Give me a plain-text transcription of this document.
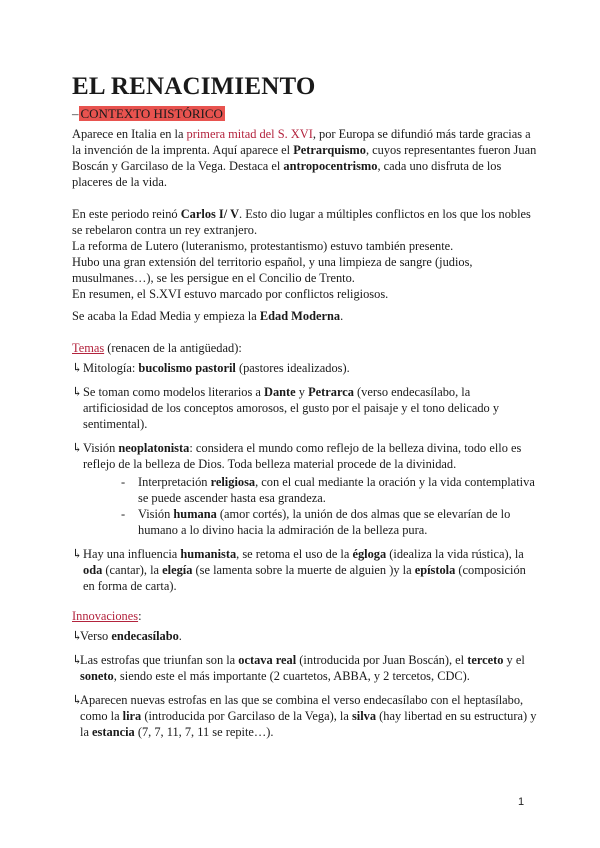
EL RENACIMIENTO
– CONTEXTO HISTÓRICO

Aparece en Italia en la primera mitad del S. XVI, por Europa se difundió más tarde gracias a la invención de la imprenta. Aquí aparece el Petrarquismo, cuyos representantes fueron Juan Boscán y Garcilaso de la Vega. Destaca el antropocentrismo, cada uno disfruta de los placeres de la vida.

En este periodo reinó Carlos I/ V. Esto dio lugar a múltiples conflictos en los que los nobles se rebelaron contra un rey extranjero.

La reforma de Lutero (luteranismo, protestantismo) estuvo también presente.

Hubo una gran extensión del territorio español, y una limpieza de sangre (judios, musulmanes…), se les persigue en el Concilio de Trento.

En resumen, el S.XVI estuvo marcado por conflictos religiosos.

Se acaba la Edad Media y empieza la Edad Moderna.

Temas (renacen de la antigüedad):

↳ Mitología: bucolismo pastoril (pastores idealizados).
↳ Se toman como modelos literarios a Dante y Petrarca (verso endecasílabo, la artificiosidad de los conceptos amorosos, el gusto por el paisaje y el tono delicado y sentimental).
↳ Visión neoplatonista: considera el mundo como reflejo de la belleza divina, todo ello es reflejo de la belleza de Dios. Toda belleza material procede de la divinidad.
- Interpretación religiosa, con el cual mediante la oración y la vida contemplativa se puede ascender hasta esa grandeza.
- Visión humana (amor cortés), la unión de dos almas que se elevarían de lo humano a lo divino hacia la admiración de la belleza pura.
↳ Hay una influencia humanista, se retoma el uso de la égloga (idealiza la vida rústica), la oda (cantar), la elegía (se lamenta sobre la muerte de alguien )y la epístola (composición en forma de carta).

Innovaciones:

↳
Verso endecasílabo.
↳
Las estrofas que triunfan son la octava real (introducida por Juan Boscán), el terceto y el soneto, siendo este el más importante (2 cuartetos, ABBA, y 2 tercetos, CDC).
↳
Aparecen nuevas estrofas en las que se combina el verso endecasílabo con el heptasílabo, como la lira (introducida por Garcilaso de la Vega), la silva (hay libertad en su estructura) y la estancia (7, 7, 11, 7, 11 se repite…).
1
